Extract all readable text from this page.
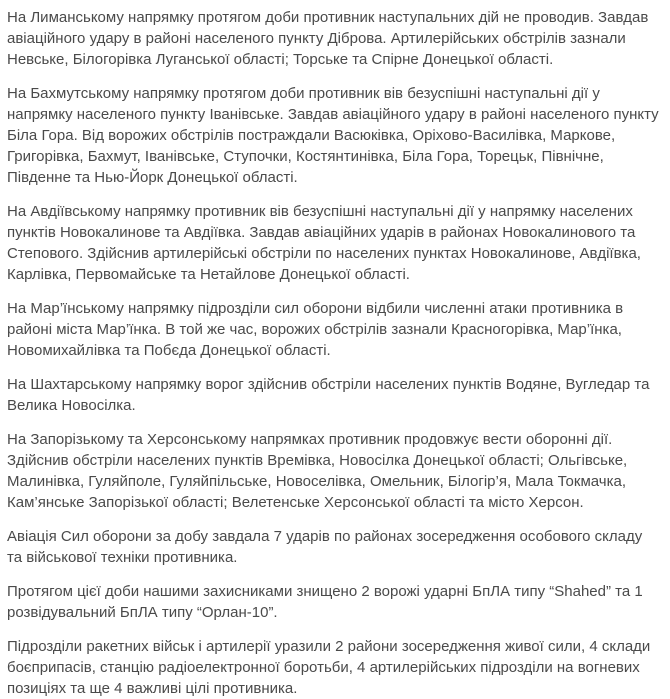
На Лиманському напрямку протягом доби противник наступальних дій не проводив. Завдав авіаційного удару в районі населеного пункту Діброва. Артилерійських обстрілів зазнали Невське, Білогорівка Луганської області; Торське та Спірне Донецької області.

На Бахмутському напрямку протягом доби противник вів безуспішні наступальні дії у напрямку населеного пункту Іванівське. Завдав авіаційного удару в районі населеного пункту Біла Гора. Від ворожих обстрілів постраждали Васюківка, Оріхово-Василівка, Маркове, Григорівка, Бахмут, Іванівське, Ступочки, Костянтинівка, Біла Гора, Торецьк, Північне, Південне та Нью-Йорк Донецької області.

На Авдіївському напрямку противник вів безуспішні наступальні дії у напрямку населених пунктів Новокалинове та Авдіївка. Завдав авіаційних ударів в районах Новокалинового та Степового. Здійснив артилерійські обстріли по населених пунктах Новокалинове, Авдіївка, Карлівка, Первомайське та Нетайлове Донецької області.

На Мар’їнському напрямку підрозділи сил оборони відбили численні атаки противника в районі міста Мар’їнка. В той же час, ворожих обстрілів зазнали Красногорівка, Мар’їнка, Новомихайлівка та Побєда Донецької області.

На Шахтарському напрямку ворог здійснив обстріли населених пунктів Водяне, Вугледар та Велика Новосілка.

На Запорізькому та Херсонському напрямках противник продовжує вести оборонні дії. Здійснив обстріли населених пунктів Времівка, Новосілка Донецької області; Ольгівське, Малинівка, Гуляйполе, Гуляйпільське, Новоселівка, Омельник, Білогір’я, Мала Токмачка, Кам’янське Запорізької області; Велетенське Херсонської області та місто Херсон.

Авіація Сил оборони за добу завдала 7 ударів по районах зосередження особового складу та військової техніки противника.

Протягом цієї доби нашими захисниками знищено 2 ворожі ударні БпЛА типу “Shahed” та 1 розвідувальний БпЛА типу “Орлан-10”.

Підрозділи ракетних військ і артилерії уразили 2 райони зосередження живої сили, 4 склади боєприпасів, станцію радіоелектронної боротьби, 4 артилерійських підрозділи на вогневих позиціях та ще 4 важливі цілі противника.
